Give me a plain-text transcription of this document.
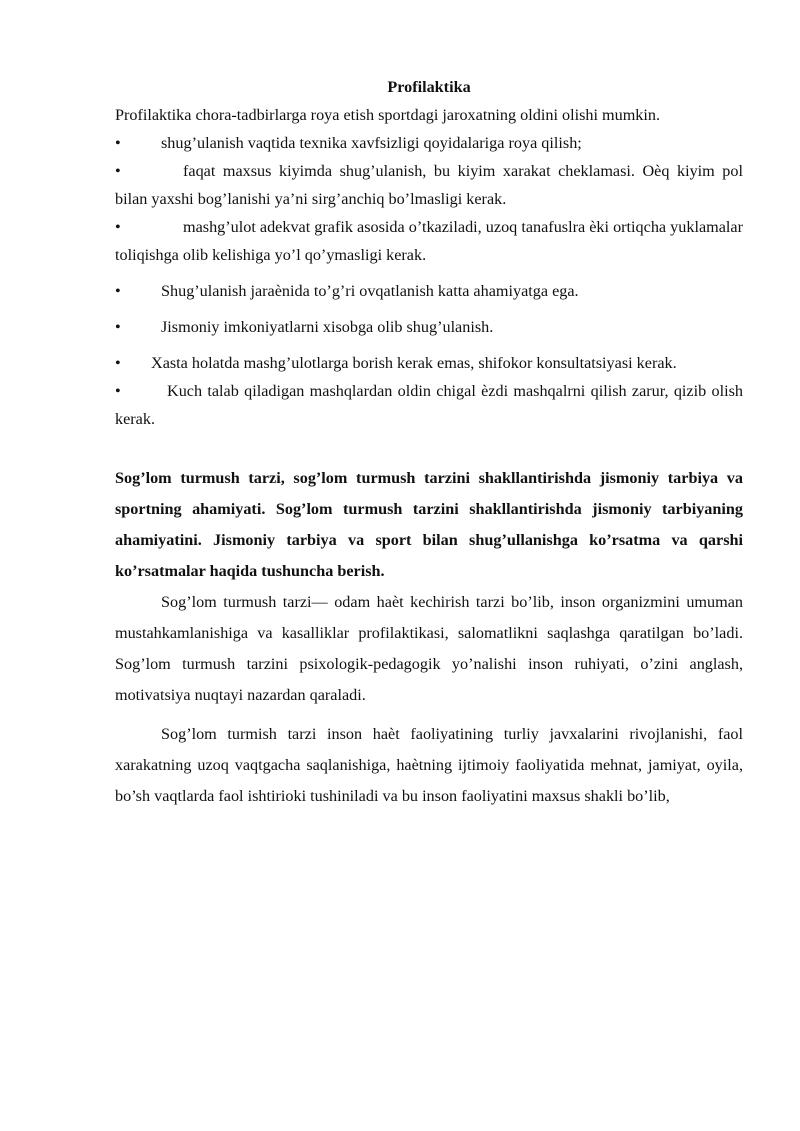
Profilaktika

Profilaktika chora-tadbirlarga roya etish sportdagi jaroxatning oldini olishi mumkin.

• shug’ulanish vaqtida texnika xavfsizligi qoyidalariga roya qilish;

•	faqat maxsus kiyimda shug’ulanish, bu kiyim xarakat cheklamasi. Oèq kiyim pol bilan yaxshi bog’lanishi ya’ni sirg’anchiq bo’lmasligi kerak.

•	mashg’ulot adekvat grafik asosida o’tkaziladi, uzoq tanafuslra èki ortiqcha yuklamalar toliqishga olib kelishiga yo’l qo’ymasligi kerak.

• Shug’ulanish jaraènida to’g’ri ovqatlanish katta ahamiyatga ega.

• Jismoniy imkoniyatlarni xisobga olib shug’ulanish.

• Xasta holatda mashg’ulotlarga borish kerak emas, shifokor konsultatsiyasi kerak.

•	Kuch talab qiladigan mashqlardan oldin chigal èzdi mashqalrni qilish zarur, qizib olish kerak.

Sog’lom turmush tarzi, sog’lom turmush tarzini shakllantirishda jismoniy tarbiya va sportning ahamiyati. Sog’lom turmush tarzini shakllantirishda jismoniy tarbiyaning ahamiyatini. Jismoniy tarbiya va sport bilan shug’ullanishga ko’rsatma va qarshi ko’rsatmalar haqida tushuncha berish.

Sog’lom turmush tarzi— odam haèt kechirish tarzi bo’lib, inson organizmini umuman mustahkamlanishiga va kasalliklar profilaktikasi, salomatlikni saqlashga qaratilgan bo’ladi. Sog’lom turmush tarzini psixologik-pedagogik yo’nalishi inson ruhiyati, o’zini anglash, motivatsiya nuqtayi nazardan qaraladi.

Sog’lom turmish tarzi inson haèt faoliyatining turliy javxalarini rivojlanishi, faol xarakatning uzoq vaqtgacha saqlanishiga, haètning ijtimoiy faoliyatida mehnat, jamiyat, oyila, bo’sh vaqtlarda faol ishtirioki tushiniladi va bu inson faoliyatini maxsus shakli bo’lib,
